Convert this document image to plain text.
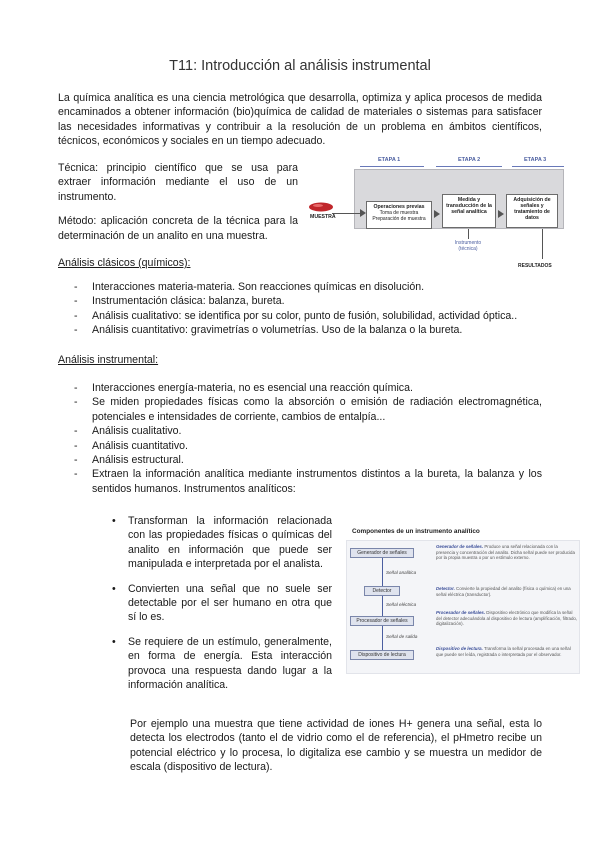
T11: Introducción al análisis instrumental

La química analítica es una ciencia metrológica que desarrolla, optimiza y aplica procesos de medida encaminados a obtener información (bio)química de calidad de materiales o sistemas para satisfacer las necesidades informativas y contribuir a la resolución de un problema en ámbitos científicos, técnicos, económicos y sociales en un tiempo adecuado.

Técnica: principio científico que se usa para extraer información mediante el uso de un instrumento.

Método: aplicación concreta de la técnica para la determinación de un analito en una muestra.

ETAPA 1	ETAPA 2	ETAPA 3
MUESTRA
Operaciones previas
Toma de muestra
Preparación de muestra
Medida y transducción de la señal analítica
Adquisición de señales y tratamiento de datos
Instrumento (técnica)
RESULTADOS
Análisis clásicos (químicos):
- Interacciones materia-materia. Son reacciones químicas en disolución.
- Instrumentación clásica: balanza, bureta.
- Análisis cualitativo: se identifica por su color, punto de fusión, solubilidad, actividad óptica..
- Análisis cuantitativo: gravimetrías o volumetrías. Uso de la balanza o la bureta.
Análisis instrumental:
- Interacciones energía-materia, no es esencial una reacción química.
- Se miden propiedades físicas como la absorción o emisión de radiación electromagnética, potenciales e intensidades de corriente, cambios de entalpía...
- Análisis cualitativo.
- Análisis cuantitativo.
- Análisis estructural.
- Extraen la información analítica mediante instrumentos distintos a la bureta, la balanza y los sentidos humanos. Instrumentos analíticos:
• Transforman la información relacionada con las propiedades físicas o químicas del analito en información que puede ser manipulada e interpretada por el analista.
• Convierten una señal que no suele ser detectable por el ser humano en otra que sí lo es.
• Se requiere de un estímulo, generalmente, en forma de energía. Esta interacción provoca una respuesta dando lugar a la información analítica.
Componentes de un instrumento analítico
Generador de señales
Señal analítica
Detector
Señal eléctrica
Procesador de señales
Señal de salida
Dispositivo de lectura
Generador de señales. Produce una señal relacionada con la presencia y concentración del analito. Dicha señal puede ser producida por la propia muestra o por un estímulo externo.
Detector. Convierte la propiedad del analito (física o química) en una señal eléctrica (transductor).
Procesador de señales. Dispositivo electrónico que modifica la señal del detector adecuándola al dispositivo de lectura (amplificación, filtrado, digitalización).
Dispositivo de lectura. Transforma la señal procesada en una señal que puede ser leída, registrada o interpretada por el observador.

Por ejemplo una muestra que tiene actividad de iones H+ genera una señal, esta lo detecta los electrodos (tanto el de vidrio como el de referencia), el pHmetro recibe un potencial eléctrico y lo procesa, lo digitaliza ese cambio y se muestra un medidor de escala (dispositivo de lectura).
